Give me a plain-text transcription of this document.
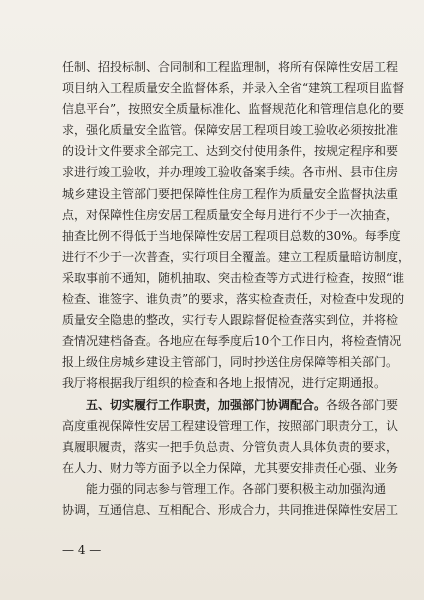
任制、招投标制、合同制和工程监理制，将所有保障性安居工程
项目纳入工程质量安全监督体系，并录入全省“建筑工程项目监督
信息平台”，按照安全质量标准化、监督规范化和管理信息化的要
求，强化质量安全监管。保障安居工程项目竣工验收必须按批准
的设计文件要求全部完工、达到交付使用条件，按规定程序和要
求进行竣工验收，并办理竣工验收备案手续。各市州、县市住房
城乡建设主管部门要把保障性住房工程作为质量安全监督执法重
点，对保障性住房安居工程质量安全每月进行不少于一次抽查，
抽查比例不得低于当地保障性安居工程项目总数的30%。每季度
进行不少于一次普查，实行项目全覆盖。建立工程质量暗访制度，
采取事前不通知，随机抽取、突击检查等方式进行检查，按照“谁
检查、谁签字、谁负责”的要求，落实检查责任，对检查中发现的
质量安全隐患的整改，实行专人跟踪督促检查落实到位，并将检
查情况建档备查。各地应在每季度后10个工作日内，将检查情况
报上级住房城乡建设主管部门，同时抄送住房保障等相关部门。
我厅将根据我厅组织的检查和各地上报情况，进行定期通报。

五、切实履行工作职责，加强部门协调配合。各级各部门要
高度重视保障性安居工程建设管理工作，按照部门职责分工，认
真履职履责，落实一把手负总责、分管负责人具体负责的要求，
在人力、财力等方面予以全力保障，尤其要安排责任心强、业务
能力强的同志参与管理工作。各部门要积极主动加强沟通
协调，互通信息、互相配合、形成合力，共同推进保障性安居工

— 4 —
